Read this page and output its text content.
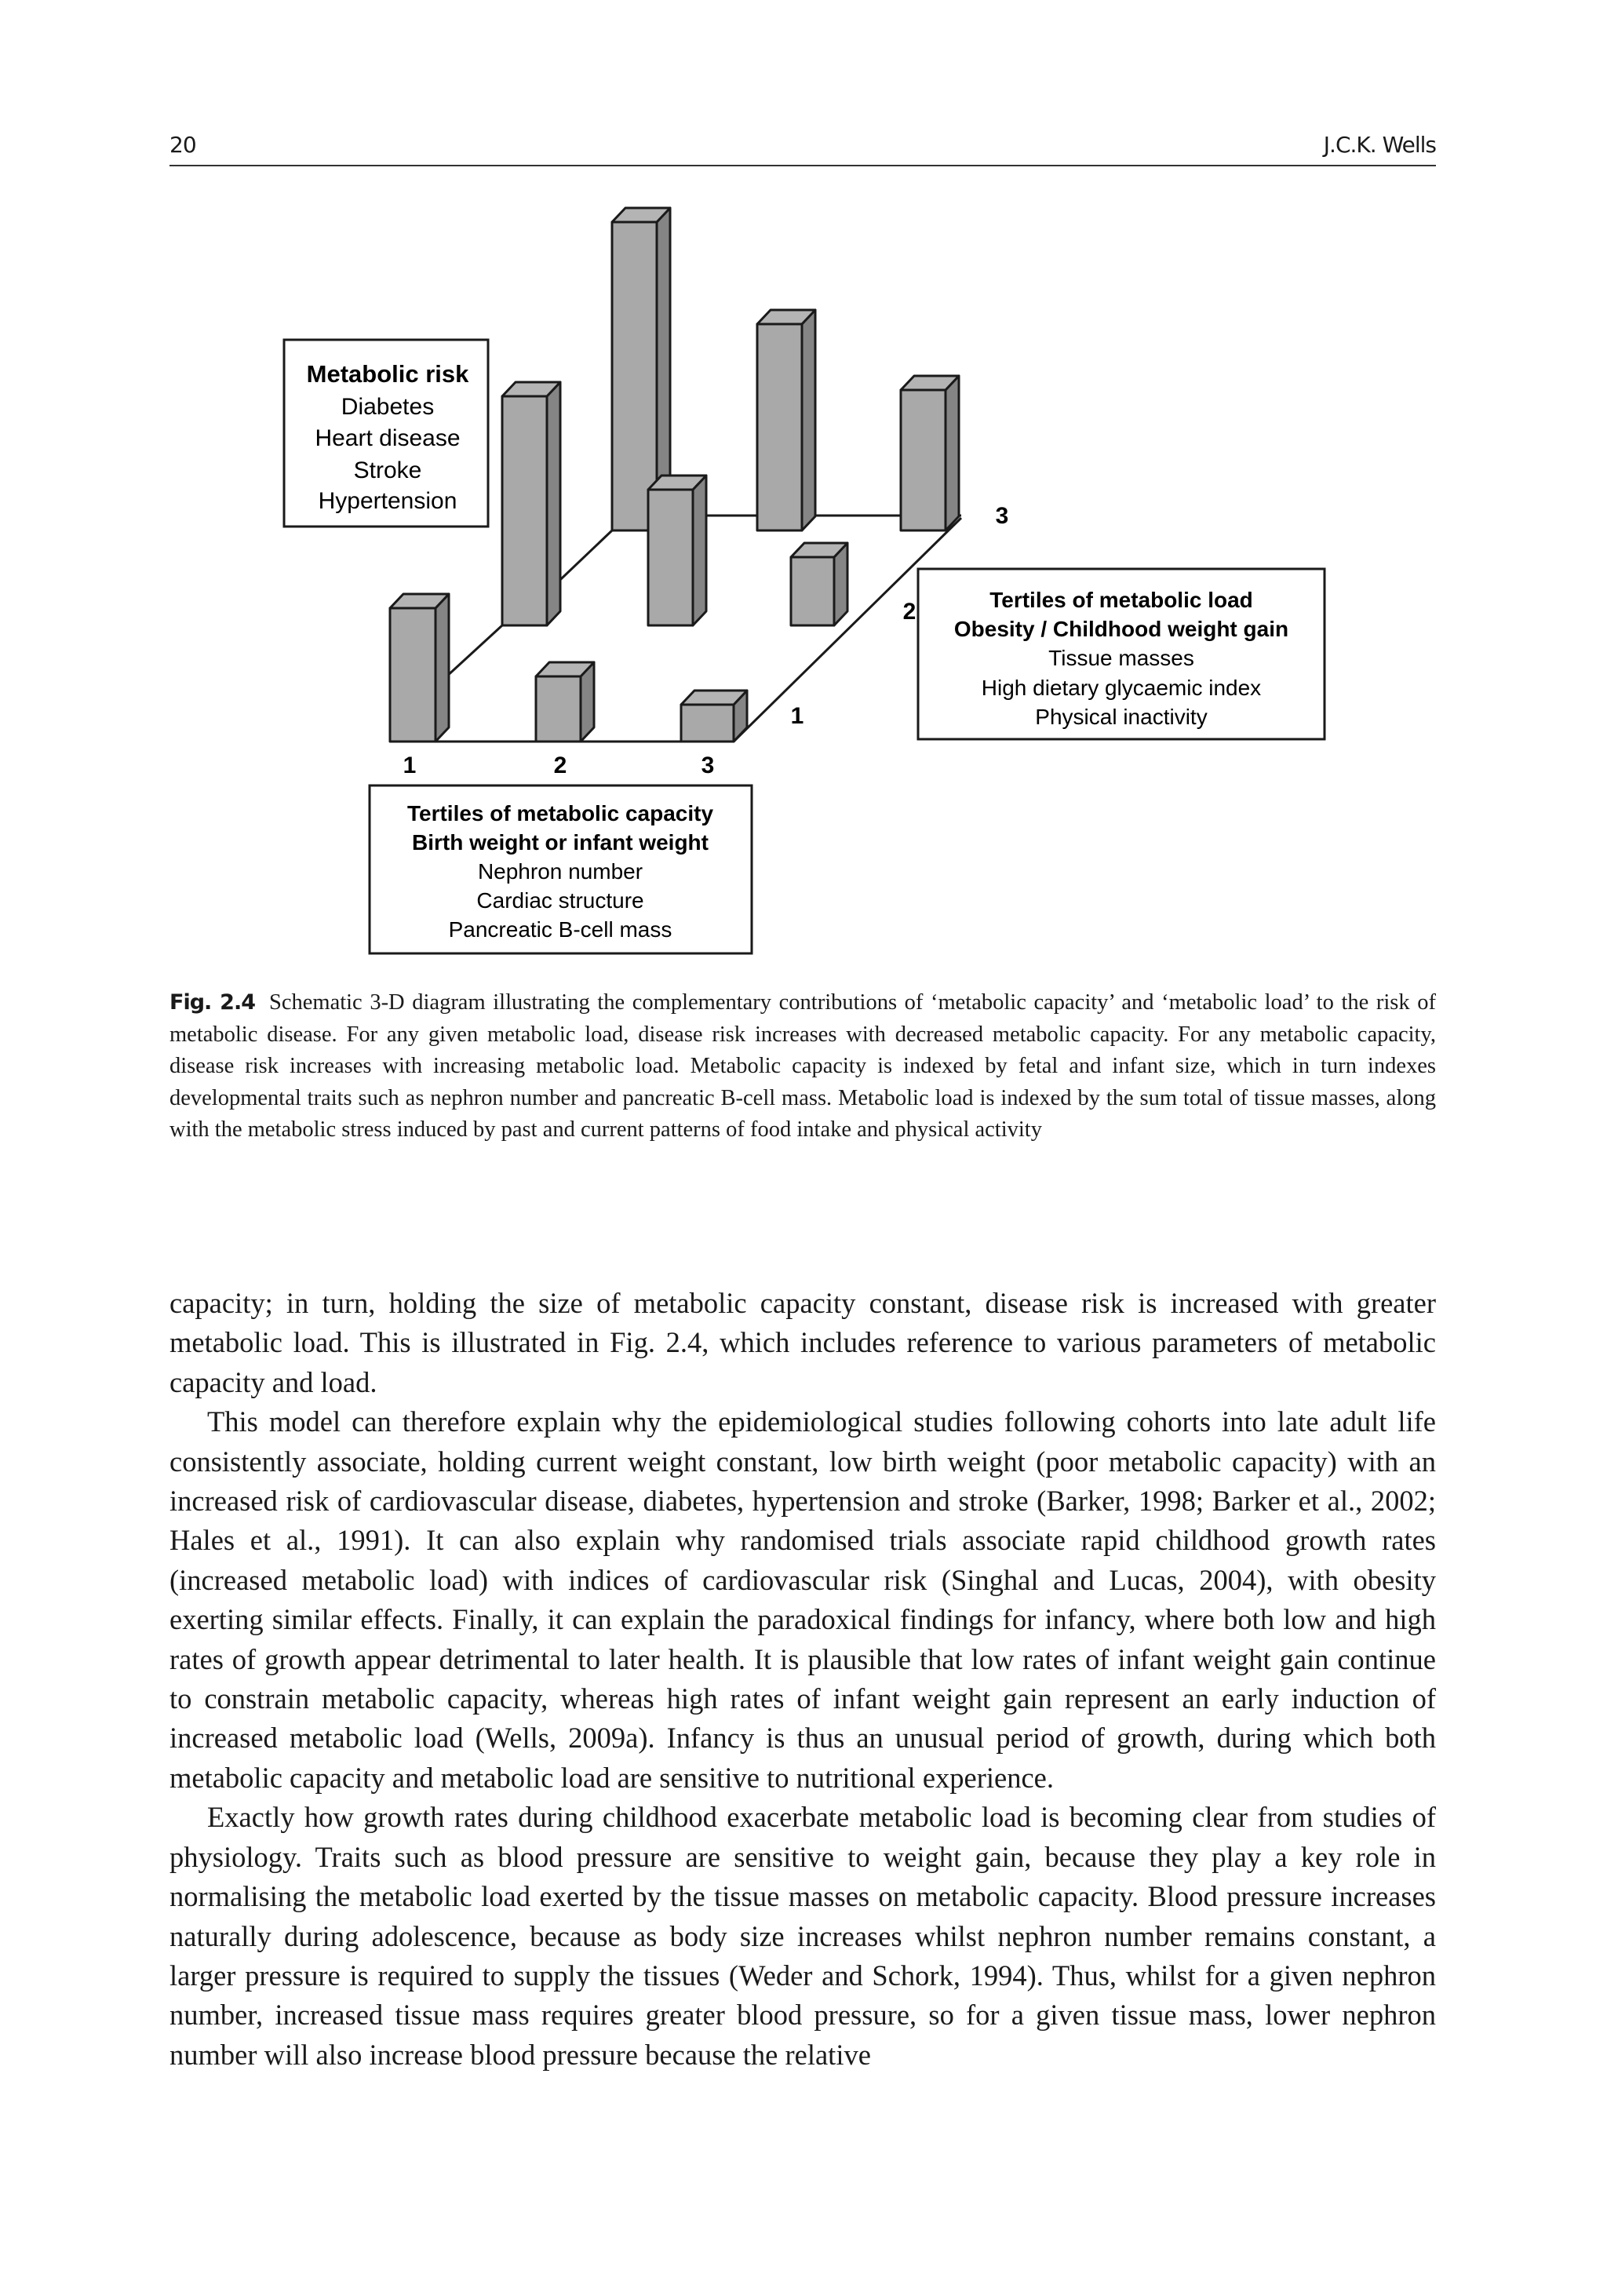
20	J.C.K. Wells
Metabolic risk
Diabetes
Heart disease
Stroke
Hypertension
1	2	3
1
2
3
Tertiles of metabolic capacity
Birth weight or infant weight
Nephron number
Cardiac structure
Pancreatic B-cell mass
Tertiles of metabolic load
Obesity / Childhood weight gain
Tissue masses
High dietary glycaemic index
Physical inactivity
Fig. 2.4 Schematic 3-D diagram illustrating the complementary contributions of ‘metabolic capacity’ and ‘metabolic load’ to the risk of metabolic disease. For any given metabolic load, disease risk increases with decreased metabolic capacity. For any metabolic capacity, disease risk increases with increasing metabolic load. Metabolic capacity is indexed by fetal and infant size, which in turn indexes developmental traits such as nephron number and pancreatic B-cell mass. Metabolic load is indexed by the sum total of tissue masses, along with the metabolic stress induced by past and current patterns of food intake and physical activity

capacity; in turn, holding the size of metabolic capacity constant, disease risk is increased with greater metabolic load. This is illustrated in Fig. 2.4, which includes reference to various parameters of metabolic capacity and load.

This model can therefore explain why the epidemiological studies following cohorts into late adult life consistently associate, holding current weight constant, low birth weight (poor metabolic capacity) with an increased risk of cardiovascular disease, diabetes, hypertension and stroke (Barker, 1998; Barker et al., 2002; Hales et al., 1991). It can also explain why randomised trials associate rapid childhood growth rates (increased metabolic load) with indices of cardiovascular risk (Singhal and Lucas, 2004), with obesity exerting similar effects. Finally, it can explain the paradoxical findings for infancy, where both low and high rates of growth appear detrimental to later health. It is plausible that low rates of infant weight gain continue to constrain metabolic capacity, whereas high rates of infant weight gain represent an early induction of increased metabolic load (Wells, 2009a). Infancy is thus an unusual period of growth, during which both metabolic capacity and metabolic load are sensitive to nutritional experience.

Exactly how growth rates during childhood exacerbate metabolic load is becoming clear from studies of physiology. Traits such as blood pressure are sensitive to weight gain, because they play a key role in normalising the metabolic load exerted by the tissue masses on metabolic capacity. Blood pressure increases naturally during adolescence, because as body size increases whilst nephron number remains constant, a larger pressure is required to supply the tissues (Weder and Schork, 1994). Thus, whilst for a given nephron number, increased tissue mass requires greater blood pressure, so for a given tissue mass, lower nephron number will also increase blood pressure because the relative
